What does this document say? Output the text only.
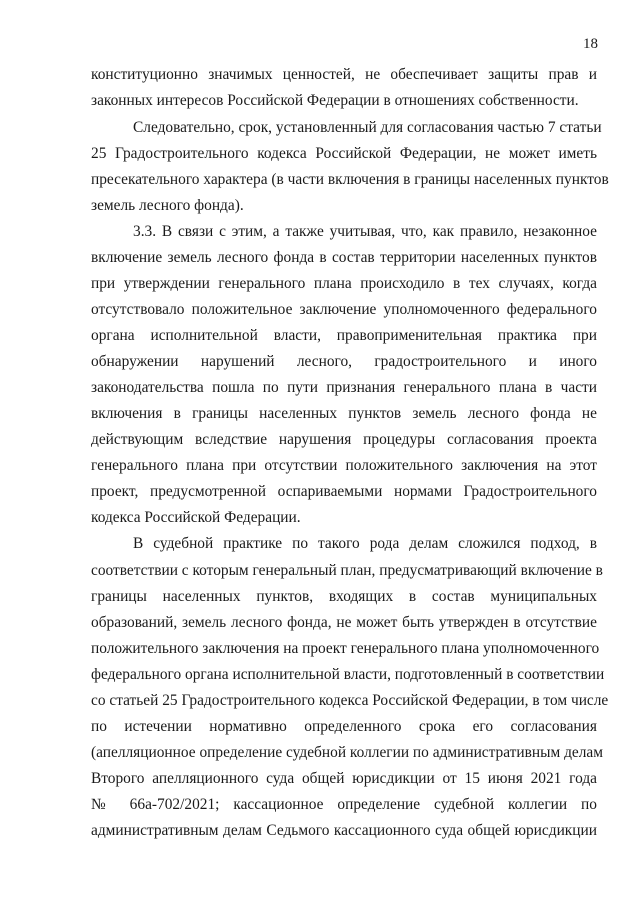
18
конституционно значимых ценностей, не обеспечивает защиты прав и
законных интересов Российской Федерации в отношениях собственности.
Следовательно, срок, установленный для согласования частью 7 статьи
25 Градостроительного кодекса Российской Федерации, не может иметь
пресекательного характера (в части включения в границы населенных пунктов
земель лесного фонда).
3.3. В связи с этим, а также учитывая, что, как правило, незаконное
включение земель лесного фонда в состав территории населенных пунктов
при утверждении генерального плана происходило в тех случаях, когда
отсутствовало положительное заключение уполномоченного федерального
органа исполнительной власти, правоприменительная практика при
обнаружении нарушений лесного, градостроительного и иного
законодательства пошла по пути признания генерального плана в части
включения в границы населенных пунктов земель лесного фонда не
действующим вследствие нарушения процедуры согласования проекта
генерального плана при отсутствии положительного заключения на этот
проект, предусмотренной оспариваемыми нормами Градостроительного
кодекса Российской Федерации.
В судебной практике по такого рода делам сложился подход, в
соответствии с которым генеральный план, предусматривающий включение в
границы населенных пунктов, входящих в состав муниципальных
образований, земель лесного фонда, не может быть утвержден в отсутствие
положительного заключения на проект генерального плана уполномоченного
федерального органа исполнительной власти, подготовленный в соответствии
со статьей 25 Градостроительного кодекса Российской Федерации, в том числе
по истечении нормативно определенного срока его согласования
(апелляционное определение судебной коллегии по административным делам
Второго апелляционного суда общей юрисдикции от 15 июня 2021 года
№ 66а-702/2021; кассационное определение судебной коллегии по
административным делам Седьмого кассационного суда общей юрисдикции
